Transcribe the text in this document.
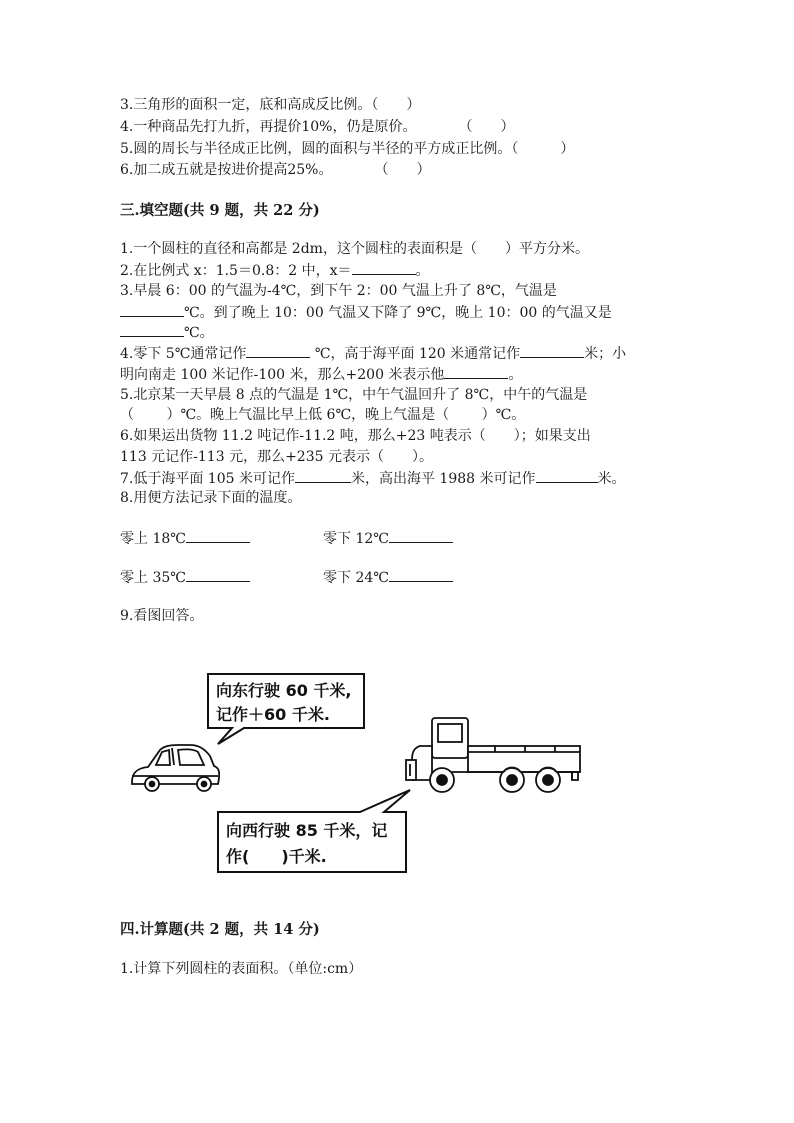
3.三角形的面积一定，底和高成反比例。（　　）
4.一种商品先打九折，再提价10%，仍是原价。　　　　（　　）
5.圆的周长与半径成正比例，圆的面积与半径的平方成正比例。（　　　）
6.加二成五就是按进价提高25%。　　　　（　　）
三.填空题(共 9 题，共 22 分)
1.一个圆柱的直径和高都是 2dm，这个圆柱的表面积是（　　）平方分米。
2.在比例式 x：1.5＝0.8：2 中，x＝	。
3.早晨 6：00 的气温为-4℃，到下午 2：00 气温上升了 8℃，气温是
℃。到了晚上 10：00 气温又下降了 9℃，晚上 10：00 的气温又是
℃。
4.零下 5℃通常记作	℃，高于海平面 120 米通常记作	米；小
明向南走 100 米记作-100 米，那么+200 米表示他	。
5.北京某一天早晨 8 点的气温是 1℃，中午气温回升了 8℃，中午的气温是
（　　 ）℃。晚上气温比早上低 6℃，晚上气温是（　　 ）℃。
6.如果运出货物 11.2 吨记作-11.2 吨，那么+23 吨表示（　　）；如果支出
113 元记作-113 元，那么+235 元表示（　　）。
7.低于海平面 105 米可记作	米，高出海平 1988 米可记作	米。
8.用便方法记录下面的温度。
零上 18℃	零下 12℃
零上 35℃	零下 24℃
9.看图回答。
向东行驶 60 千米,
记作＋60 千米.
向西行驶 85 千米，记
作(　　)千米.
四.计算题(共 2 题，共 14 分)
1.计算下列圆柱的表面积。（单位:cm）
